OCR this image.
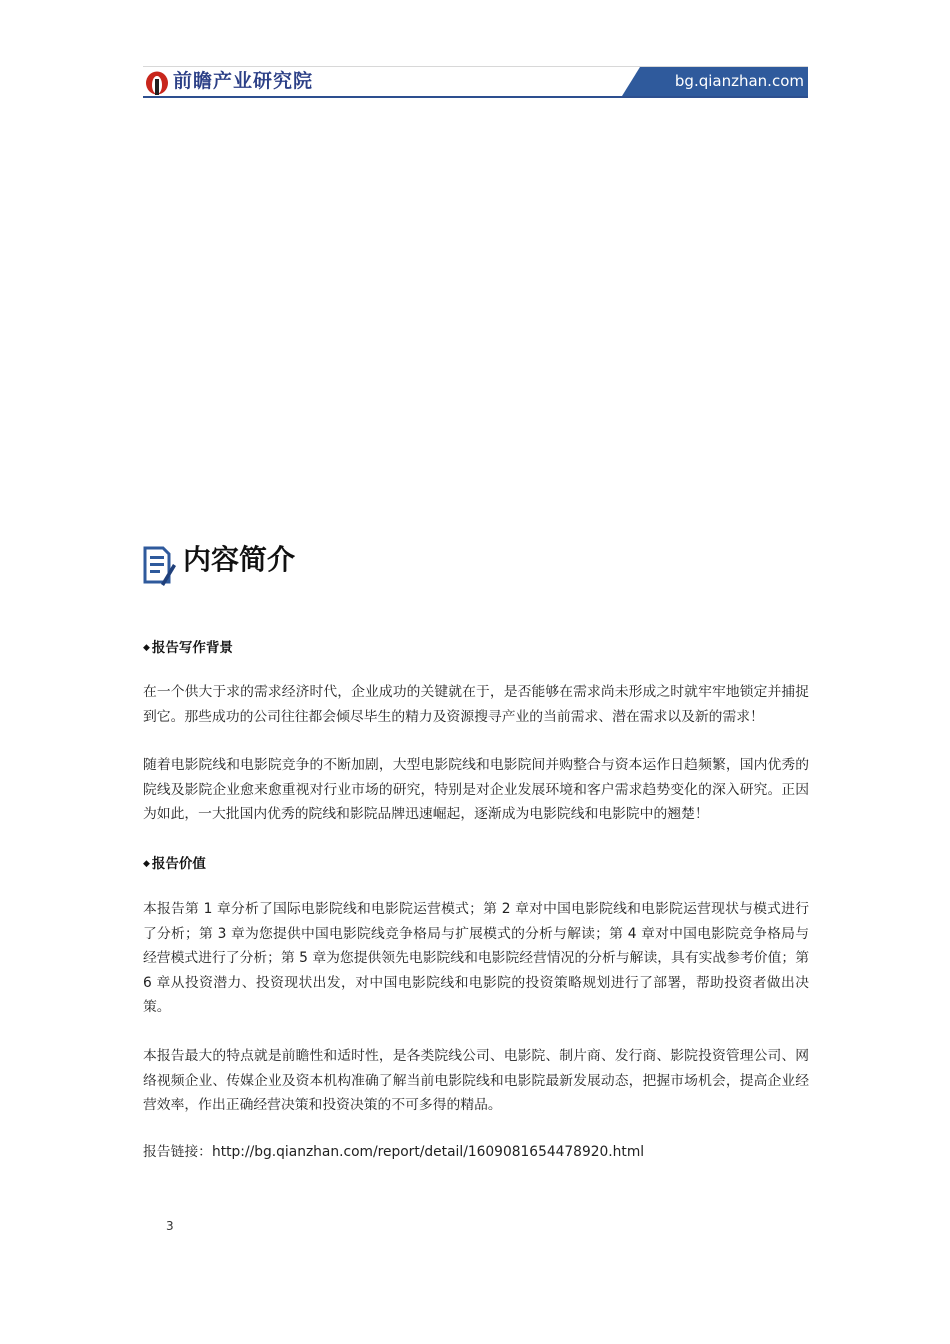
前瞻产业研究院	bg.qianzhan.com
内容简介
◆ 报告写作背景

在一个供大于求的需求经济时代，企业成功的关键就在于，是否能够在需求尚未形成之时就牢牢地锁定并捕捉到它。那些成功的公司往往都会倾尽毕生的精力及资源搜寻产业的当前需求、潜在需求以及新的需求！

随着电影院线和电影院竞争的不断加剧，大型电影院线和电影院间并购整合与资本运作日趋频繁，国内优秀的院线及影院企业愈来愈重视对行业市场的研究，特别是对企业发展环境和客户需求趋势变化的深入研究。正因为如此，一大批国内优秀的院线和影院品牌迅速崛起，逐渐成为电影院线和电影院中的翘楚！

◆ 报告价值

本报告第 1 章分析了国际电影院线和电影院运营模式；第 2 章对中国电影院线和电影院运营现状与模式进行了分析；第 3 章为您提供中国电影院线竞争格局与扩展模式的分析与解读；第 4 章对中国电影院竞争格局与经营模式进行了分析；第 5 章为您提供领先电影院线和电影院经营情况的分析与解读，具有实战参考价值；第 6 章从投资潜力、投资现状出发，对中国电影院线和电影院的投资策略规划进行了部署，帮助投资者做出决策。

本报告最大的特点就是前瞻性和适时性，是各类院线公司、电影院、制片商、发行商、影院投资管理公司、网络视频企业、传媒企业及资本机构准确了解当前电影院线和电影院最新发展动态，把握市场机会，提高企业经营效率，作出正确经营决策和投资决策的不可多得的精品。

报告链接：http://bg.qianzhan.com/report/detail/1609081654478920.html

3
